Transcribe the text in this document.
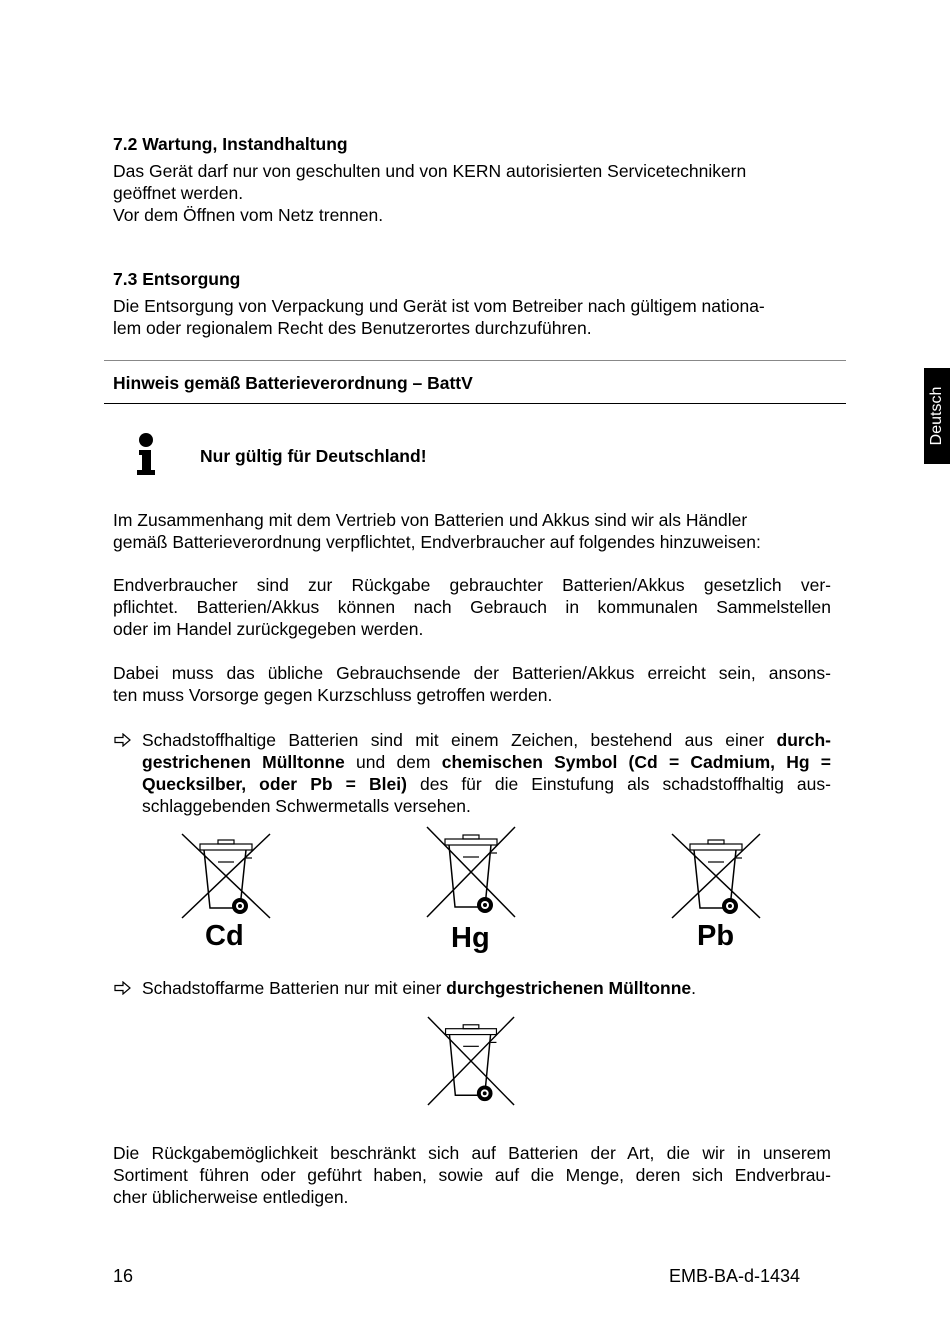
7.2 Wartung, Instandhaltung
Das Gerät darf nur von geschulten und von KERN autorisierten Servicetechnikern
geöffnet werden.
Vor dem Öffnen vom Netz trennen.
7.3 Entsorgung
Die Entsorgung von Verpackung und Gerät ist vom Betreiber nach gültigem nationa-
lem oder regionalem Recht des Benutzerortes durchzuführen.
Hinweis gemäß Batterieverordnung – BattV
Deutsch
Nur gültig für Deutschland!
Im Zusammenhang mit dem Vertrieb von Batterien und Akkus sind wir als Händler
gemäß Batterieverordnung verpflichtet, Endverbraucher auf folgendes hinzuweisen:
Endverbraucher sind zur Rückgabe gebrauchter Batterien/Akkus gesetzlich ver-
pflichtet. Batterien/Akkus können nach Gebrauch in kommunalen Sammelstellen
oder im Handel zurückgegeben werden.
Dabei muss das übliche Gebrauchsende der Batterien/Akkus erreicht sein, ansons-
ten muss Vorsorge gegen Kurzschluss getroffen werden.
Schadstoffhaltige Batterien sind mit einem Zeichen, bestehend aus einer durch-
gestrichenen Mülltonne und dem chemischen Symbol (Cd = Cadmium, Hg =
Quecksilber, oder Pb = Blei) des für die Einstufung als schadstoffhaltig aus-
schlaggebenden Schwermetalls versehen.
Cd	Hg	Pb
Schadstoffarme Batterien nur mit einer durchgestrichenen Mülltonne.
Die Rückgabemöglichkeit beschränkt sich auf Batterien der Art, die wir in unserem
Sortiment führen oder geführt haben, sowie auf die Menge, deren sich Endverbrau-
cher üblicherweise entledigen.
16	EMB-BA-d-1434
